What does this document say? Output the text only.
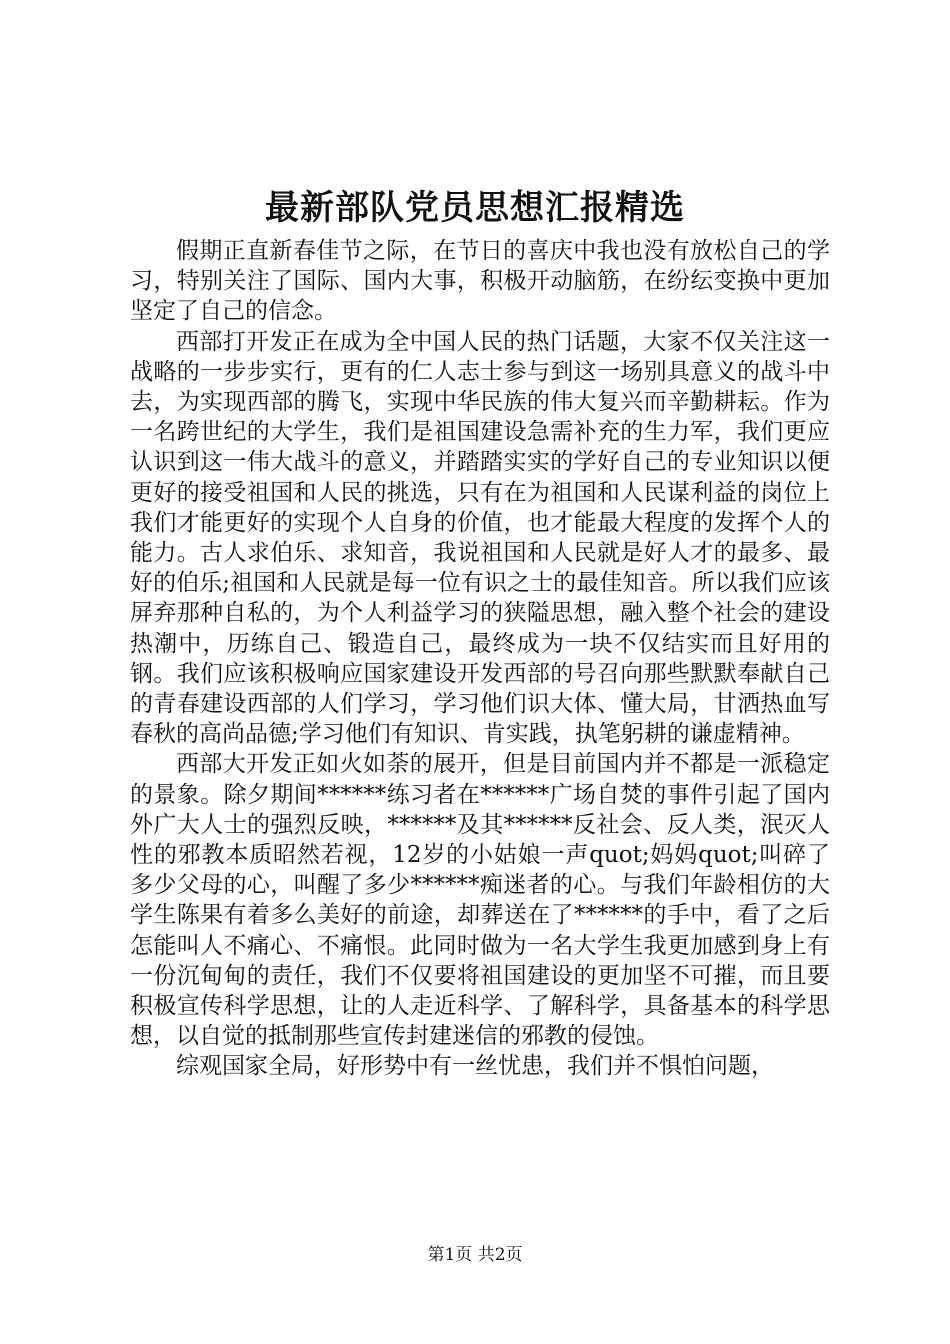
最新部队党员思想汇报精选

假期正直新春佳节之际，在节日的喜庆中我也没有放松自己的学习，特别关注了国际、国内大事，积极开动脑筋，在纷纭变换中更加坚定了自己的信念。

西部打开发正在成为全中国人民的热门话题，大家不仅关注这一战略的一步步实行，更有的仁人志士参与到这一场别具意义的战斗中去，为实现西部的腾飞，实现中华民族的伟大复兴而辛勤耕耘。作为一名跨世纪的大学生，我们是祖国建设急需补充的生力军，我们更应认识到这一伟大战斗的意义，并踏踏实实的学好自己的专业知识以便更好的接受祖国和人民的挑选，只有在为祖国和人民谋利益的岗位上我们才能更好的实现个人自身的价值，也才能最大程度的发挥个人的能力。古人求伯乐、求知音，我说祖国和人民就是好人才的最多、最好的伯乐;祖国和人民就是每一位有识之士的最佳知音。所以我们应该屏弃那种自私的，为个人利益学习的狭隘思想，融入整个社会的建设热潮中，历练自己、锻造自己，最终成为一块不仅结实而且好用的钢。我们应该积极响应国家建设开发西部的号召向那些默默奉献自己的青春建设西部的人们学习，学习他们识大体、懂大局，甘洒热血写春秋的高尚品德;学习他们有知识、肯实践，执笔躬耕的谦虚精神。

西部大开发正如火如荼的展开，但是目前国内并不都是一派稳定的景象。除夕期间******练习者在******广场自焚的事件引起了国内外广大人士的强烈反映，******及其******反社会、反人类，泯灭人性的邪教本质昭然若视，12岁的小姑娘一声quot;妈妈quot;叫碎了多少父母的心，叫醒了多少******痴迷者的心。与我们年龄相仿的大学生陈果有着多么美好的前途，却葬送在了******的手中，看了之后怎能叫人不痛心、不痛恨。此同时做为一名大学生我更加感到身上有一份沉甸甸的责任，我们不仅要将祖国建设的更加坚不可摧，而且要积极宣传科学思想，让的人走近科学、了解科学，具备基本的科学思想，以自觉的抵制那些宣传封建迷信的邪教的侵蚀。

综观国家全局，好形势中有一丝忧患，我们并不惧怕问题，

第1页 共2页
